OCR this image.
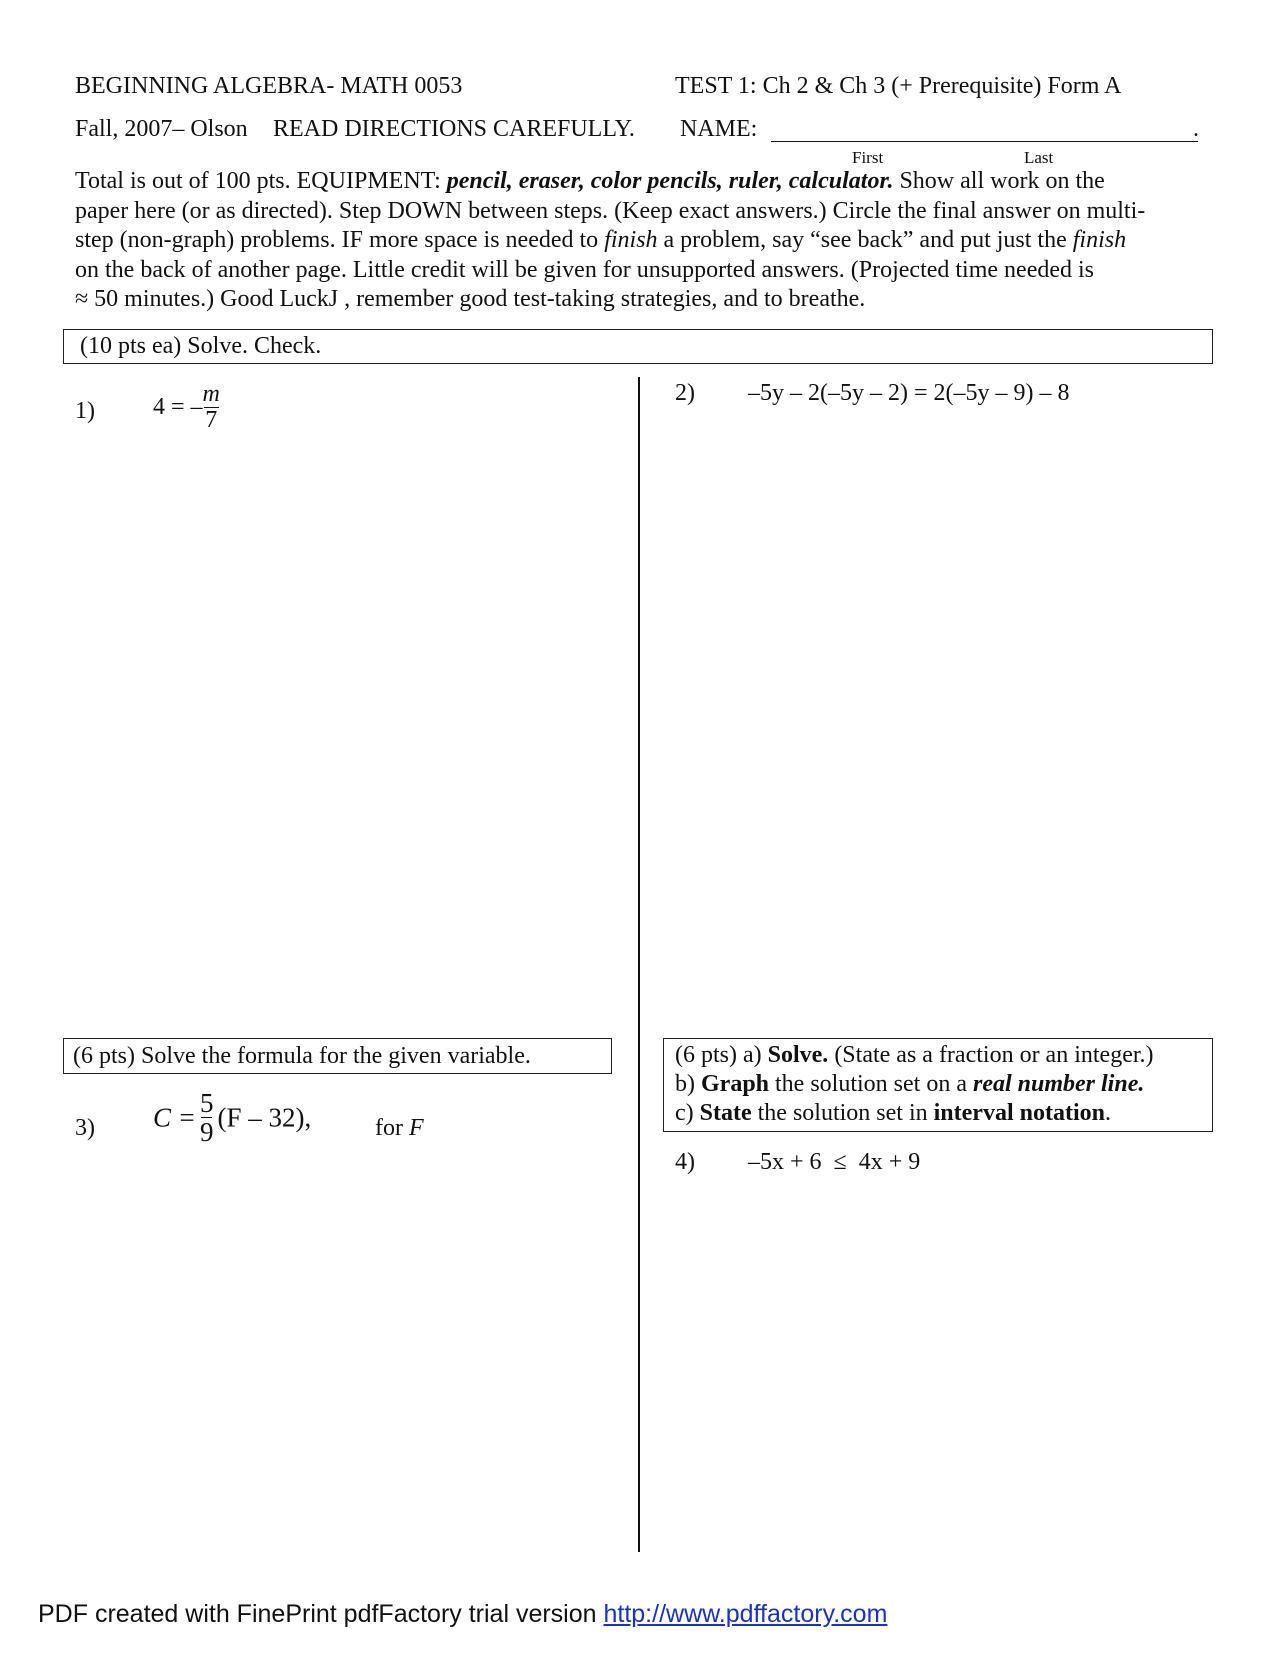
BEGINNING ALGEBRA- MATH 0053	TEST 1: Ch 2 & Ch 3 (+ Prerequisite) Form A
Fall, 2007– Olson READ DIRECTIONS CAREFULLY. NAME:	.
First	Last
Total is out of 100 pts. EQUIPMENT: pencil, eraser, color pencils, ruler, calculator. Show all work on the
paper here (or as directed). Step DOWN between steps. (Keep exact answers.) Circle the final answer on multi-
step (non-graph) problems. IF more space is needed to finish a problem, say “see back” and put just the finish
on the back of another page. Little credit will be given for unsupported answers. (Projected time needed is
≈ 50 minutes.) Good LuckJ , remember good test-taking strategies, and to breathe.
(10 pts ea) Solve. Check.
1) 4 = – $\frac{m}{7}$	2) –5y – 2(–5y – 2) = 2(–5y – 9) – 8
(6 pts) Solve the formula for the given variable.
3) $C = \frac{5}{9} (F - 32)$,	for F
(6 pts) a) Solve. (State as a fraction or an integer.)
b) Graph the solution set on a real number line.
c) State the solution set in interval notation.
4) –5x + 6  ≤  4x + 9
PDF created with FinePrint pdfFactory trial version http://www.pdffactory.com
